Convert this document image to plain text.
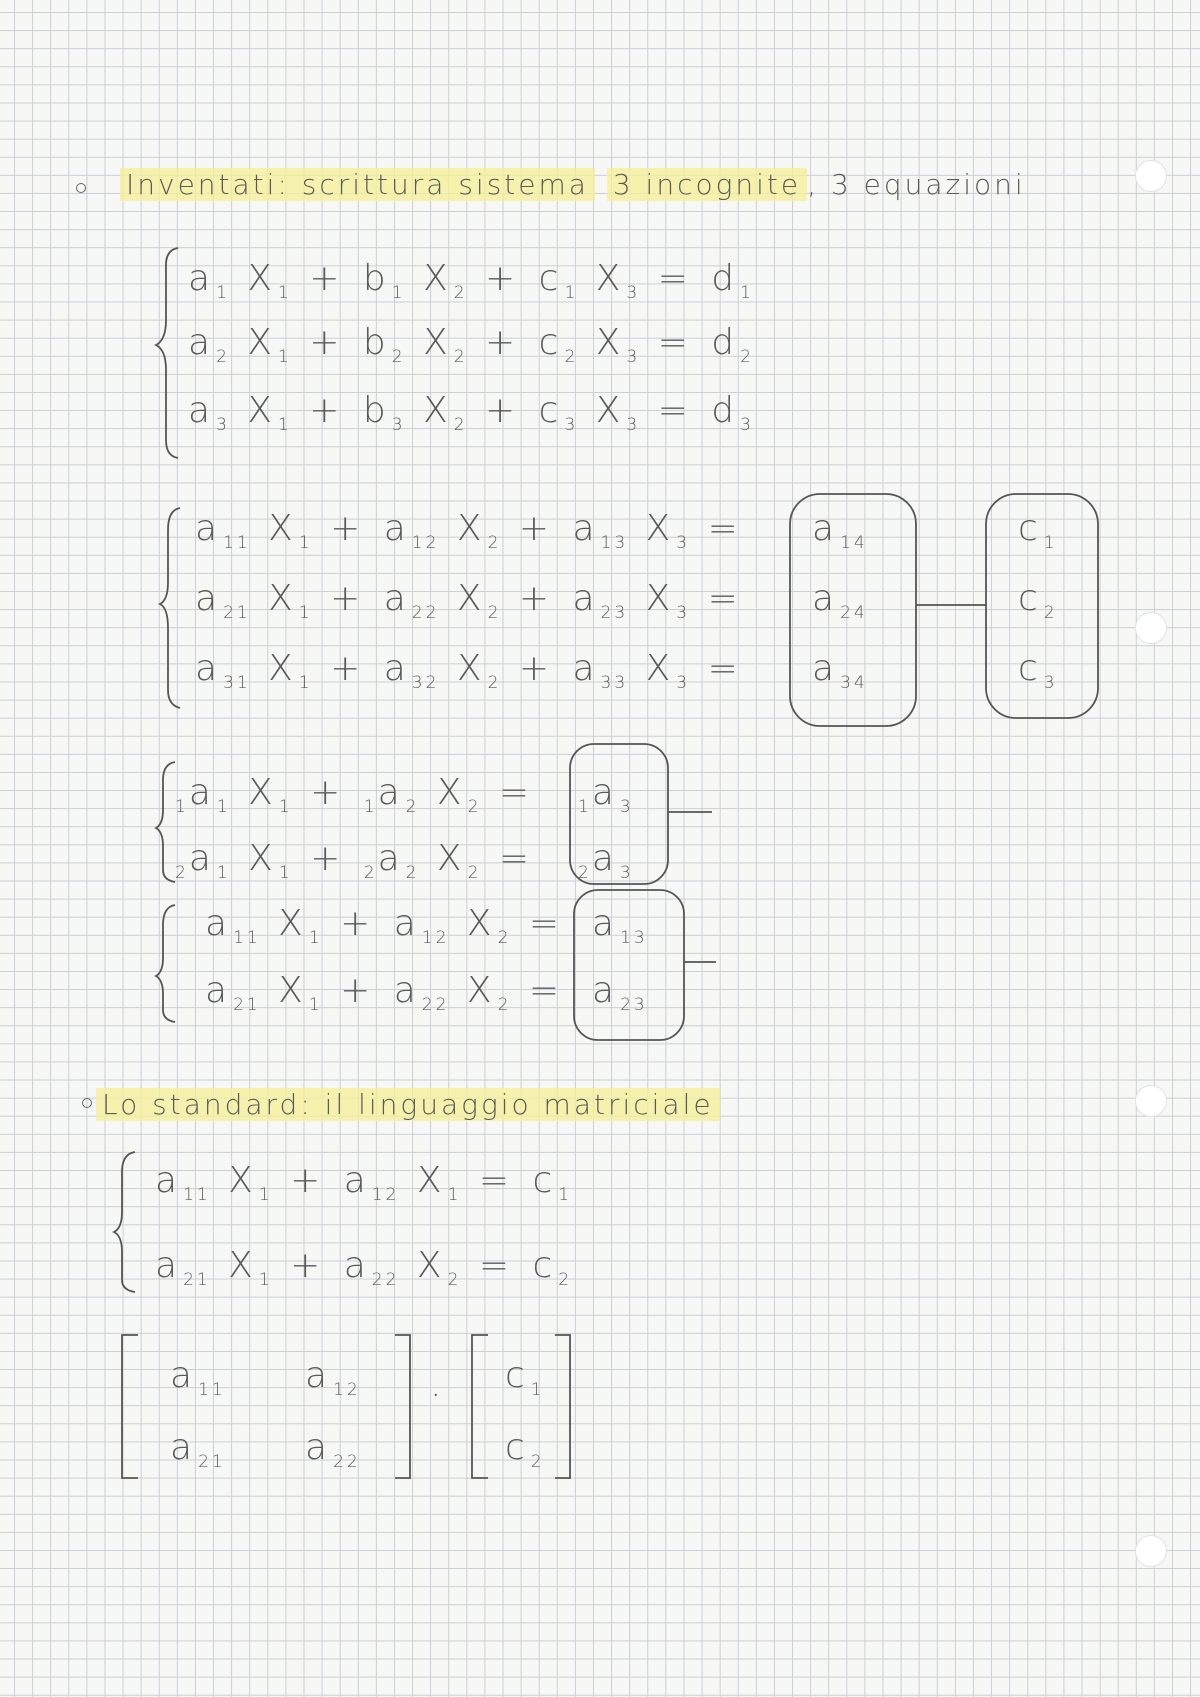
Inventati: scrittura sistema 3 incognite , 3 equazioni
$a_1$ $X_1 + b_1$ $X_2 + c_1$ $X_3 = d_1$
$a_2$ $X_1 + b_2$ $X_2 + c_2$ $X_3 = d_2$
$a_3$ $X_1 + b_3$ $X_2 + c_3$ $X_3 = d_3$
$a_{11}$ $X_1 + a_{12}$ $X_2 + a_{13}$ $X_3$ =
$a_{21}$ $X_1 + a_{22}$ $X_2 + a_{23}$ $X_3$ =
$a_{31}$ $X_1 + a_{32}$ $X_2 + a_{33}$ $X_3$ =
$a_{14}$
$a_{24}$
$a_{34}$
$c_1$
$c_2$
$c_3$
$_1a_1$ $X_1 + _1a_2$ $X_2$ =
$_2a_1$ $X_1 + _2a_2$ $X_2$ =
$_1a_3$
$_2a_3$
$a_{11}$ $X_1 + a_{12}$ $X_2$ =
$a_{21}$ $X_1 + a_{22}$ $X_2$ =
$a_{13}$
$a_{23}$
Lo standard: il linguaggio matriciale
$a_{11}$ $X_1 + a_{12}$ $X_1 = c_1$
$a_{21}$ $X_1 + a_{22}$ $X_2 = c_2$
$a_{11}$ $a_{12}$
$a_{21}$ $a_{22}$
· $c_1$
$c_2$
